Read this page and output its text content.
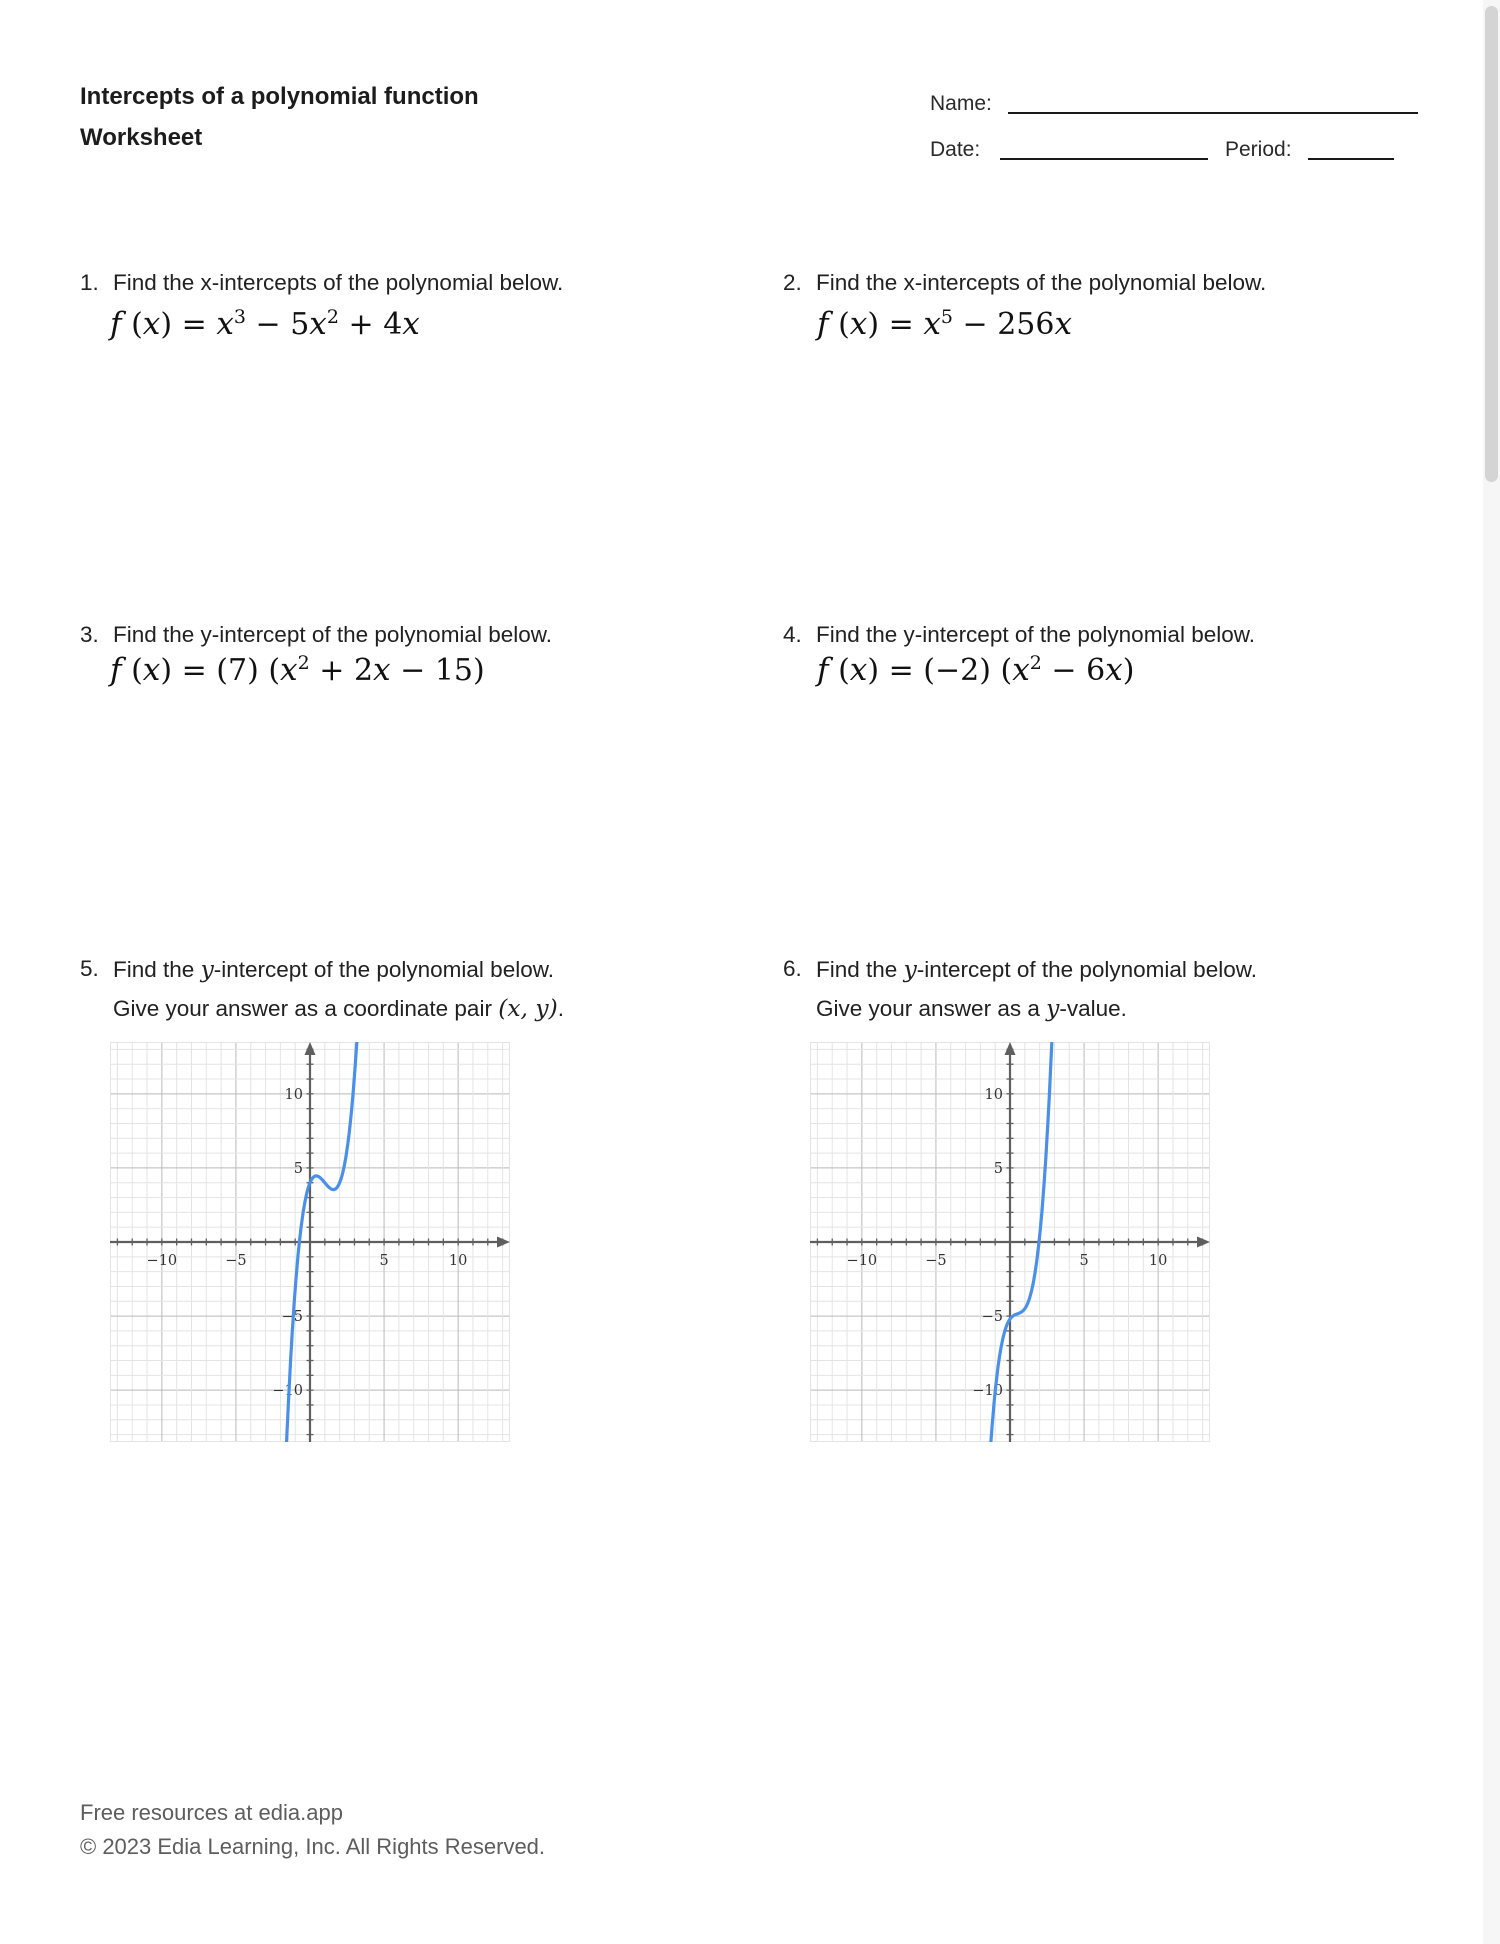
Intercepts of a polynomial function
Worksheet
Name:
Date:	Period:
1. Find the x-intercepts of the polynomial below.
f $(x) = x^3 - 5x^2 + 4x$
2. Find the x-intercepts of the polynomial below.
f $(x) = x^5 - 256x$
3. Find the y-intercept of the polynomial below.
f (x) = (7) $(x^2 + 2x - 15)$
4. Find the y-intercept of the polynomial below.
f (x) = (−2) $(x^2 - 6x)$
5. Find the y-intercept of the polynomial below.
Give your answer as a coordinate pair (x, y).
−10	−5	5	10
10
5
−5
−10
6. Find the y-intercept of the polynomial below.
Give your answer as a y-value.
−10	−5	5	10
10
5
−5
−10
Free resources at edia.app
© 2023 Edia Learning, Inc. All Rights Reserved.
